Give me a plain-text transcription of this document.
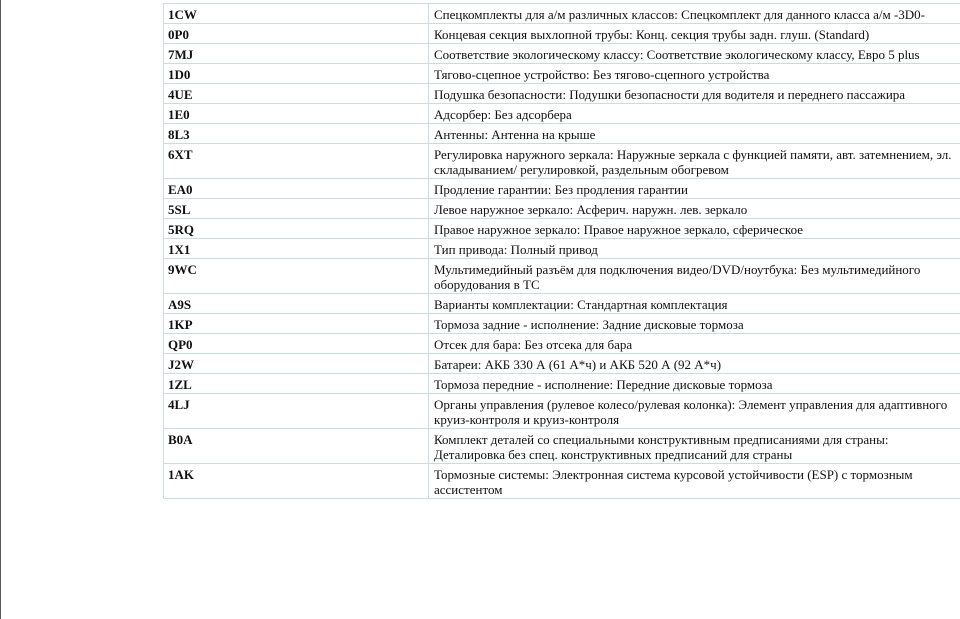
1CW	Спецкомплекты для а/м различных классов: Спецкомплект для данного класса а/м -3D0-
0P0	Концевая секция выхлопной трубы: Конц. секция трубы задн. глуш. (Standard)
7MJ	Соответствие экологическому классу: Соответствие экологическому классу, Евро 5 plus
1D0	Тягово-сцепное устройство: Без тягово-сцепного устройства
4UE	Подушка безопасности: Подушки безопасности для водителя и переднего пассажира
1E0	Адсорбер: Без адсорбера
8L3	Антенны: Антенна на крыше
6XT	Регулировка наружного зеркала: Наружные зеркала с функцией памяти, авт. затемнением, эл. складыванием/ регулировкой, раздельным обогревом
EA0	Продление гарантии: Без продления гарантии
5SL	Левое наружное зеркало: Асферич. наружн. лев. зеркало
5RQ	Правое наружное зеркало: Правое наружное зеркало, сферическое
1X1	Тип привода: Полный привод
9WC	Мультимедийный разъём для подключения видео/DVD/ноутбука: Без мультимедийного оборудования в ТС
A9S	Варианты комплектации: Стандартная комплектация
1KP	Тормоза задние - исполнение: Задние дисковые тормоза
QP0	Отсек для бара: Без отсека для бара
J2W	Батареи: АКБ 330 А (61 А*ч) и АКБ 520 А (92 А*ч)
1ZL	Тормоза передние - исполнение: Передние дисковые тормоза
4LJ	Органы управления (рулевое колесо/рулевая колонка): Элемент управления для адаптивного круиз-контроля и круиз-контроля
B0A	Комплект деталей со специальными конструктивным предписаниями для страны: Деталировка без спец. конструктивных предписаний для страны
1AK	Тормозные системы: Электронная система курсовой устойчивости (ESP) с тормозным ассистентом
